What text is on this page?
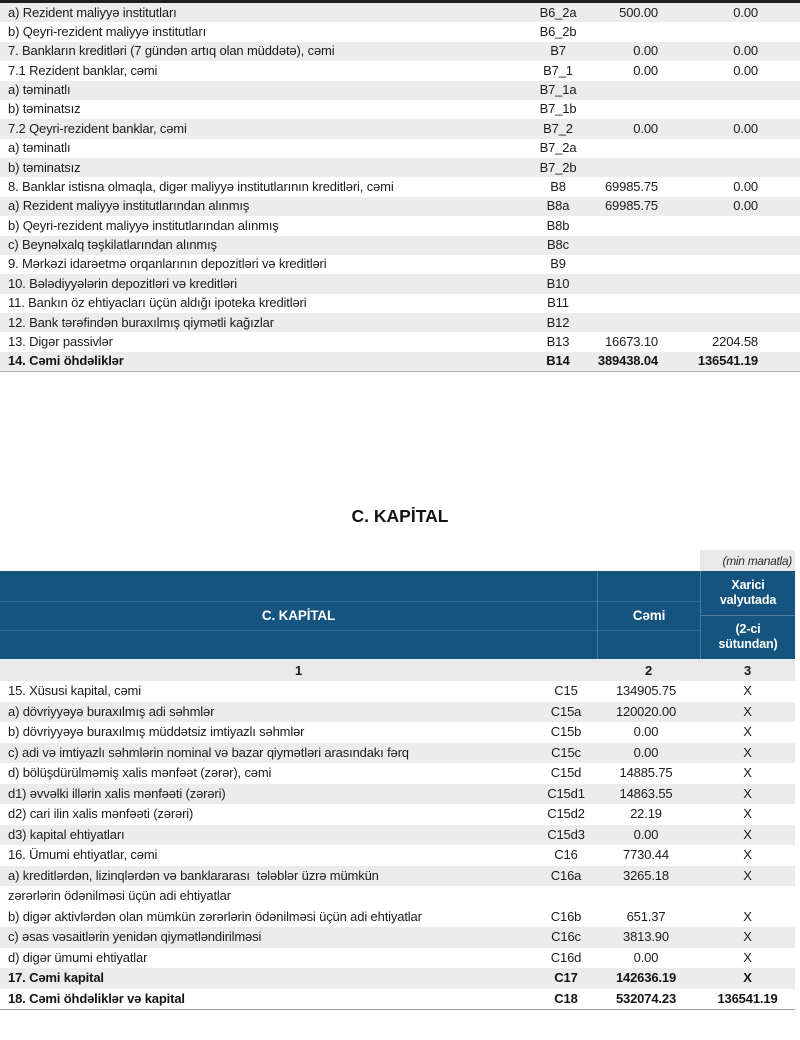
a) Rezident maliyyə institutları	B6_2a	500.00	0.00
b) Qeyri-rezident maliyyə institutları	B6_2b
7. Bankların kreditləri (7 gündən artıq olan müddətə), cəmi	B7	0.00	0.00
7.1 Rezident banklar, cəmi	B7_1	0.00	0.00
a) təminatlı	B7_1a
b) təminatsız	B7_1b
7.2 Qeyri-rezident banklar, cəmi	B7_2	0.00	0.00
a) təminatlı	B7_2a
b) təminatsız	B7_2b
8. Banklar istisna olmaqla, digər maliyyə institutlarının kreditləri, cəmi	B8	69985.75	0.00
a) Rezident maliyyə institutlarından alınmış	B8a	69985.75	0.00
b) Qeyri-rezident maliyyə institutlarından alınmış	B8b
c) Beynəlxalq təşkilatlarından alınmış	B8c
9. Mərkəzi idarəetmə orqanlarının depozitləri və kreditləri	B9
10. Bələdiyyələrin depozitləri və kreditləri	B10
11. Bankın öz ehtiyacları üçün aldığı ipoteka kreditləri	B11
12. Bank tərəfindən buraxılmış qiymətli kağızlar	B12
13. Digər passivlər	B13	16673.10	2204.58
14. Cəmi öhdəliklər	B14	389438.04	136541.19
C. KAPİTAL
(min manatla)
C. KAPİTAL	Cəmi
Xarici valyutada
(2-ci sütundan)
1	2	3
15. Xüsusi kapital, cəmi	C15	134905.75	X
a) dövriyyəyə buraxılmış adi səhmlər	C15a	120020.00	X
b) dövriyyəyə buraxılmış müddətsiz imtiyazlı səhmlər	C15b	0.00	X
c) adi və imtiyazlı səhmlərin nominal və bazar qiymətləri arasındakı fərq	C15c	0.00	X
d) bölüşdürülməmiş xalis mənfəət (zərər), cəmi	C15d	14885.75	X
d1) əvvəlki illərin xalis mənfəəti (zərəri)	C15d1	14863.55	X
d2) cari ilin xalis mənfəəti (zərəri)	C15d2	22.19	X
d3) kapital ehtiyatları	C15d3	0.00	X
16. Ümumi ehtiyatlar, cəmi	C16	7730.44	X
a) kreditlərdən, lizinqlərdən və banklararası  tələblər üzrə mümkün	C16a	3265.18	X
zərərlərin ödənilməsi üçün adi ehtiyatlar
b) digər aktivlərdən olan mümkün zərərlərin ödənilməsi üçün adi ehtiyatlar	C16b	651.37	X
c) əsas vəsaitlərin yenidən qiymətləndirilməsi	C16c	3813.90	X
d) digər ümumi ehtiyatlar	C16d	0.00	X
17. Cəmi kapital	C17	142636.19	X
18. Cəmi öhdəliklər və kapital	C18	532074.23	136541.19
